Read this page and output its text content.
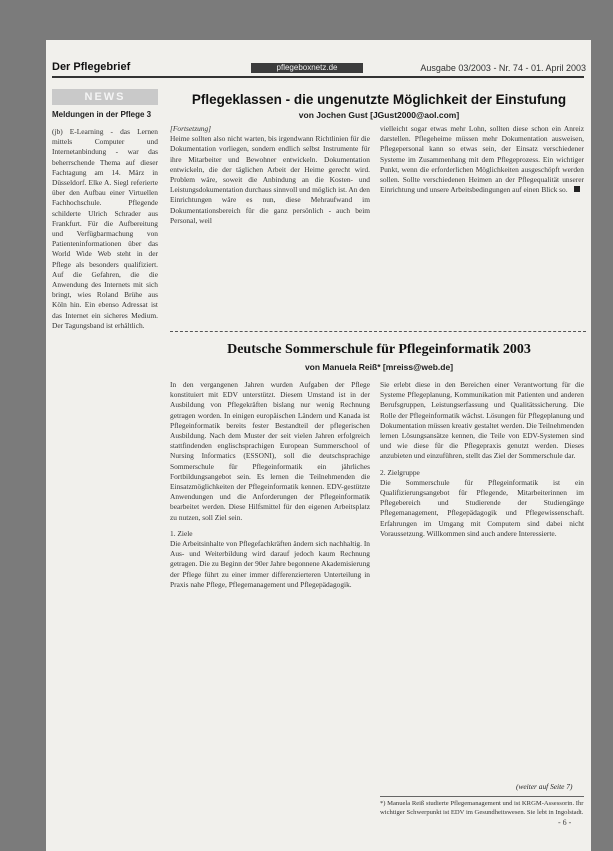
Der Pflegebrief	pflegeboxnetz.de	Ausgabe 03/2003 - Nr. 74 - 01. April 2003
NEWS
Meldungen in der Pflege 3
(jb) E-Learning - das Lernen mittels Computer und Internetanbindung - war das beherrschende Thema auf dieser Fachtagung am 14. März in Düsseldorf. Elke A. Siegl referierte über den Aufbau einer Virtuellen Fachhochschule. Pflegende schilderte Ulrich Schrader aus Frankfurt. Für die Aufbereitung und Verfügbarmachung von Patienteninformationen über das World Wide Web steht in der Pflege als besonders qualifiziert. Auf die Gefahren, die die Anwendung des Internets mit sich bringt, wies Roland Brühe aus Köln hin. Ein ebenso Adressat ist das Internet ein sicheres Medium. Der Tagungsband ist erhältlich.
Pflegeklassen - die ungenutzte Möglichkeit der Einstufung
von Jochen Gust [JGust2000@aol.com]
[Fortsetzung]
Heime sollten also nicht warten, bis irgendwann Richtlinien für die Dokumentation vorliegen, sondern endlich selbst Instrumente für ihre Mitarbeiter und Bewohner entwickeln. Dokumentation entwickeln, die der täglichen Arbeit der Heime gerecht wird. Problem wäre, soweit die Anbindung an die Kosten- und Leistungsdokumentation durchaus sinnvoll und möglich ist. An den Einrichtungen wäre es nun, diese Mehraufwand im Dokumentationsbereich für die ganz persönlich - auch beim Personal, weil
vielleicht sogar etwas mehr Lohn, sollten diese schon ein Anreiz darstellen. Pflegeheime müssen mehr Dokumentation ausweisen, Pflegepersonal kann so etwas sein, der Einsatz verschiedener Systeme im Zusammenhang mit dem Pflegeprozess. Ein wichtiger Punkt, wenn die erforderlichen Möglichkeiten ausgeschöpft werden sollen. Sollte verschiedenen Heimen an der Pflegequalität unserer Einrichtung und unsere Arbeitsbedingungen auf einen Blick so.
Deutsche Sommerschule für Pflegeinformatik 2003
von Manuela Reiß* [mreiss@web.de]
In den vergangenen Jahren wurden Aufgaben der Pflege konstituiert mit EDV unterstützt. Diesem Umstand ist in der Ausbildung von Pflegekräften bislang nur wenig Rechnung getragen worden. In einigen europäischen Ländern und Kanada ist Pflegeinformatik bereits fester Bestandteil der pflegerischen Ausbildung. Nach dem Muster der seit vielen Jahren erfolgreich stattfindenden englischsprachigen European Summerschool of Nursing Informatics (ESSONI), soll die deutschsprachige Sommerschule für Pflegeinformatik ein jährliches Fortbildungsangebot sein. Es lernen die Teilnehmenden die Einsatzmöglichkeiten der Pflegeinformatik kennen. EDV-gestützte Anwendungen und die Anforderungen der Pflegeinformatik bearbeitet werden. Diese Hilfsmittel für den eigenen Arbeitsplatz zu nutzen, soll Ziel sein.
1. Ziele
Die Arbeitsinhalte von Pflegefachkräften ändern sich nachhaltig. In Aus- und Weiterbildung wird darauf jedoch kaum Rechnung getragen. Die zu Beginn der 90er Jahre begonnene Akademisierung der Pflege führt zu einer immer differenzierteren Unterteilung in Praxis nahe Pflege, Pflegemanagement und Pflegepädagogik.
Sie erlebt diese in den Bereichen einer Verantwortung für die Systeme Pflegeplanung, Kommunikation mit Patienten und anderen Berufsgruppen, Leistungserfassung und Qualitätssicherung. Die Rolle der Pflegeinformatik wächst. Lösungen für Pflegeplanung und Dokumentation müssen kreativ gestaltet werden. Die Teilnehmenden lernen Lösungsansätze kennen, die Teile von EDV-Systemen sind und wie diese für die Pflegepraxis genutzt werden. Dieses anzubieten und einzuführen, stellt das Ziel der Sommerschule dar.
2. Zielgruppe
Die Sommerschule für Pflegeinformatik ist ein Qualifizierungsangebot für Pflegende, Mitarbeiterinnen im Pflegebereich und Studierende der Studiengänge Pflegemanagement, Pflegepädagogik und Pflegewissenschaft. Erfahrungen im Umgang mit Computern sind dabei nicht Voraussetzung. Willkommen sind auch andere Interessierte.
(weiter auf Seite 7)
*) Manuela Reiß studierte Pflegemanagement und ist KRGM-Assessorin. Ihr wichtiger Schwerpunkt ist EDV im Gesundheitswesen. Sie lebt in Ingolstadt.
- 6 -
